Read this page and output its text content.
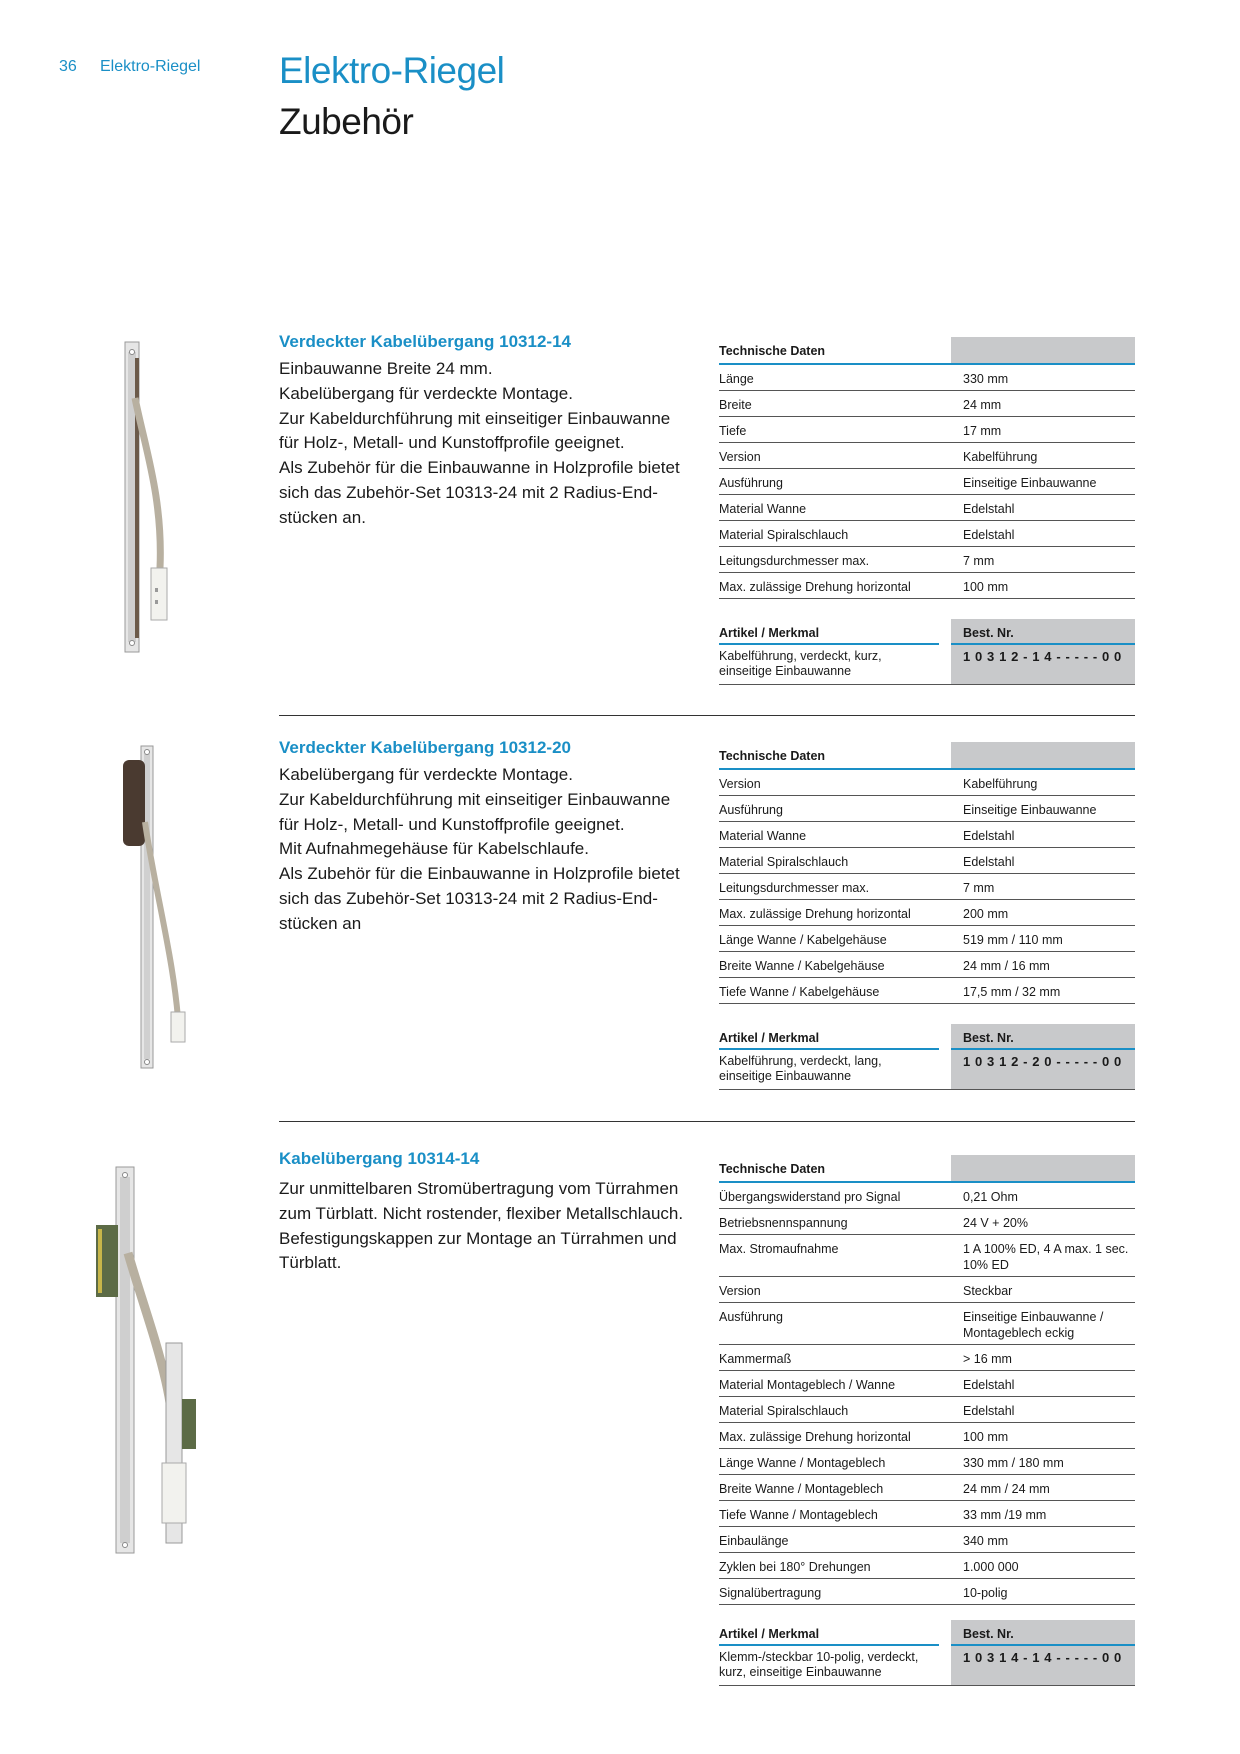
36 Elektro-Riegel Elektro-Riegel
Zubehör
Verdeckter Kabelübergang 10312-14
Einbauwanne Breite 24 mm.
Kabelübergang für verdeckte Montage.
Zur Kabeldurchführung mit einseitiger Einbauwanne
für Holz-, Metall- und Kunstoffprofile geeignet.
Als Zubehör für die Einbauwanne in Holzprofile bietet
sich das Zubehör-Set 10313-24 mit 2 Radius-End-
stücken an.
Technische Daten
Länge	330 mm
Breite	24 mm
Tiefe	17 mm
Version	Kabelführung
Ausführung	Einseitige Einbauwanne
Material Wanne	Edelstahl
Material Spiralschlauch	Edelstahl
Leitungsdurchmesser max.	7 mm
Max. zulässige Drehung horizontal	100 mm
Artikel / Merkmal	Best. Nr.
Kabelführung, verdeckt, kurz,
einseitige Einbauwanne
10312-14-----00
Verdeckter Kabelübergang 10312-20
Kabelübergang für verdeckte Montage.
Zur Kabeldurchführung mit einseitiger Einbauwanne
für Holz-, Metall- und Kunstoffprofile geeignet.
Mit Aufnahmegehäuse für Kabelschlaufe.
Als Zubehör für die Einbauwanne in Holzprofile bietet
sich das Zubehör-Set 10313-24 mit 2 Radius-End-
stücken an
Technische Daten
Version	Kabelführung
Ausführung	Einseitige Einbauwanne
Material Wanne	Edelstahl
Material Spiralschlauch	Edelstahl
Leitungsdurchmesser max.	7 mm
Max. zulässige Drehung horizontal	200 mm
Länge Wanne / Kabelgehäuse	519 mm / 110 mm
Breite Wanne / Kabelgehäuse	24 mm / 16 mm
Tiefe Wanne / Kabelgehäuse	17,5 mm / 32 mm
Artikel / Merkmal	Best. Nr.
Kabelführung, verdeckt, lang,
einseitige Einbauwanne
10312-20-----00
Kabelübergang 10314-14
Zur unmittelbaren Stromübertragung vom Türrahmen
zum Türblatt. Nicht rostender, flexiber Metallschlauch.
Befestigungskappen zur Montage an Türrahmen und
Türblatt.
Technische Daten
Übergangswiderstand pro Signal	0,21 Ohm
Betriebsnennspannung	24 V + 20%
Max. Stromaufnahme	1 A 100% ED, 4 A max. 1 sec.
10% ED
Version	Steckbar
Ausführung	Einseitige Einbauwanne /
Montageblech eckig
Kammermaß	> 16 mm
Material Montageblech / Wanne	Edelstahl
Material Spiralschlauch	Edelstahl
Max. zulässige Drehung horizontal	100 mm
Länge Wanne / Montageblech	330 mm / 180 mm
Breite Wanne / Montageblech	24 mm / 24 mm
Tiefe Wanne / Montageblech	33 mm /19 mm
Einbaulänge	340 mm
Zyklen bei 180° Drehungen	1.000 000
Signalübertragung	10-polig
Artikel / Merkmal	Best. Nr.
Klemm-/steckbar 10-polig, verdeckt,
kurz, einseitige Einbauwanne
10314-14-----00
